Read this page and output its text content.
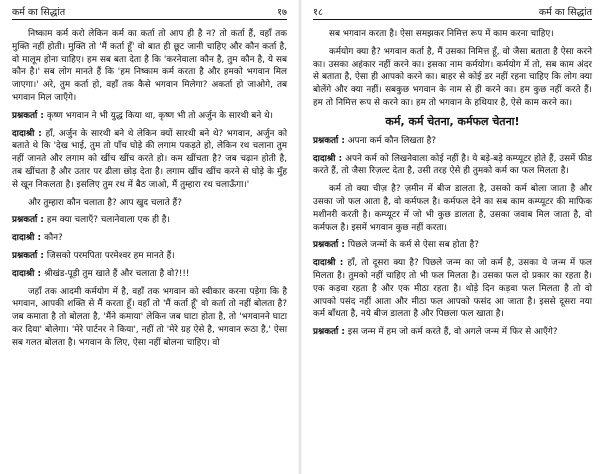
कर्म का सिद्धांत	१७

निष्काम कर्म करो लेकिन कर्म का कर्ता तो आप ही है न? तो कर्ता हैं, वहाँ तक मुक्ति नहीं होती। मुक्ति तो 'मैं कर्ता हूँ' वो बात ही छूट जानी चाहिए और कौन कर्ता है, वो मालूम होना चाहिए। हम सब बता देता है कि 'करनेवाला कौन है, तुम कौन है, ये सब कौन है।' सब लोग मानते हैं कि 'हम निष्काम कर्म करता है और हमको भगवान मिल जाएगा।' अरे, तुम कर्ता हो, वहाँ तक कैसे भगवान मिलेगा? अकर्ता हो जाओगे, तब भगवान मिल जाएँगे।

प्रश्नकर्ता : कृष्ण भगवान ने भी युद्ध किया था, कृष्ण भी तो अर्जुन के सारथी बने थे।

दादाश्री : हाँ, अर्जुन के सारथी बने थे लेकिन क्यों सारथी बने थे? भगवान, अर्जुन को बताते थे कि 'देख भाई, तुम तो पाँच घोड़े की लगाम पकड़ते हो, लेकिन रथ चलाना तुम नहीं जानते और लगाम को खींच खींच करते हो। कम खींचता है? जब चढ़ान होती है, तब खींचता है और उतार पर ढीला छोड़ देता है। लगाम खींच खींच करने से घोड़े के मुँह से खून निकलता है। इसलिए तुम रथ में बैठ जाओ, मैं तुम्हारा रथ चलाऊँगा।'

और तुम्हारा कौन चलाता है? आप खुद चलाते हैं?

प्रश्नकर्ता : हम क्या चलाएँ? चलानेवाला एक ही है।

दादाश्री : कौन?

प्रश्नकर्ता : जिसको परमपिता परमेश्वर हम मानते हैं।

दादाश्री : श्रीखंड-पूड़ी तुम खाते हैं और चलाता है वो?!!!

जहाँ तक आदमी कर्मयोग में है, वहाँ तक भगवान को स्वीकार करना पड़ेगा कि है भगवान, आपकी शक्ति से मैं करता हूँ। वहाँ तो 'मैं कर्ता हूँ' वो कर्ता तो नहीं बोलता है? जब कमाता है तो बोलता है, 'मैंने कमाया' लेकिन जब घाटा होता है, तो 'भगवानने घाटा कर दिया' बोलेगा। 'मेरे पार्टनर ने किया', नहीं तो 'मेरे ग्रह ऐसे है, भगवान रूठा है,' ऐसा सब गलत बोलता है। भगवान के लिए, ऐसा नहीं बोलना चाहिए। वो

१८	कर्म का सिद्धांत

सब भगवान करता है। ऐसा समझकर निमित्त रूप में काम करना चाहिए।

कर्मयोग क्या है? भगवान कर्ता है, मैं उसका निमित्त हूँ, वो जैसा बताता है ऐसा करने का। उसका अहंकार नहीं करने का। इसका नाम कर्मयोग। कर्मयोग में तो, सब काम अंदर से बताता है, ऐसा ही आपको करने का। बाहर से कोई डर नहीं रहना चाहिए कि लोग क्या बोलेंगे और क्या नहीं। सबकुछ भगवान के नाम से ही करने का। हम कुछ नहीं करते हैं। हम तो निमित्त रूप से करने का। हम तो भगवान के हथियार है, ऐसे काम करने का।

कर्म, कर्म चेतना, कर्मफल चेतना!

प्रश्नकर्ता : अपना कर्म कौन लिखता है?

दादाश्री : अपने कर्म को लिखनेवाला कोई नहीं है। ये बड़े-बड़े कम्प्यूटर होते हैं, उसमें फीड करते हैं, तो जैसा रिज़ल्ट देता है, उसी तरह ऐसे ही तुमको कर्म का फल मिलता है।

कर्म तो क्या चीज़ है? ज़मीन में बीज डालता है, उसको कर्म बोला जाता है और उसका जो फल आता है, वो कर्मफल है। कर्मफल देने का सब काम कम्प्यूटर की माफिक मशीनरी करती है। कम्प्यूटर में जो भी कुछ डालता है, उसका जवाब मिल जाता है, वो कर्मफल है। इसमें भगवान कुछ नहीं करता।

प्रश्नकर्ता : पिछले जन्मों के कर्म से ऐसा सब होता है?

दादाश्री : हाँ, तो दूसरा क्या है? पिछले जन्म का जो कर्म है, उसका ये जन्म में फल मिलता है। तुमको नहीं चाहिए तो भी फल मिलता है। उसका फल दो प्रकार का रहता है। एक कड़वा रहता है और एक मीठा रहता है। थोड़े दिन कड़वा फल मिलता है तो वो आपको पसंद नहीं आता और मीठा फल आपको फसंद आ जाता है। इससे दूसरा नया कर्म बाँधता है, नये बीज डालता है और पिछला फल खाता है।

प्रश्नकर्ता : इस जन्म में हम जो कर्म करते हैं, वो अगले जन्म में फिर से आएँगे?
